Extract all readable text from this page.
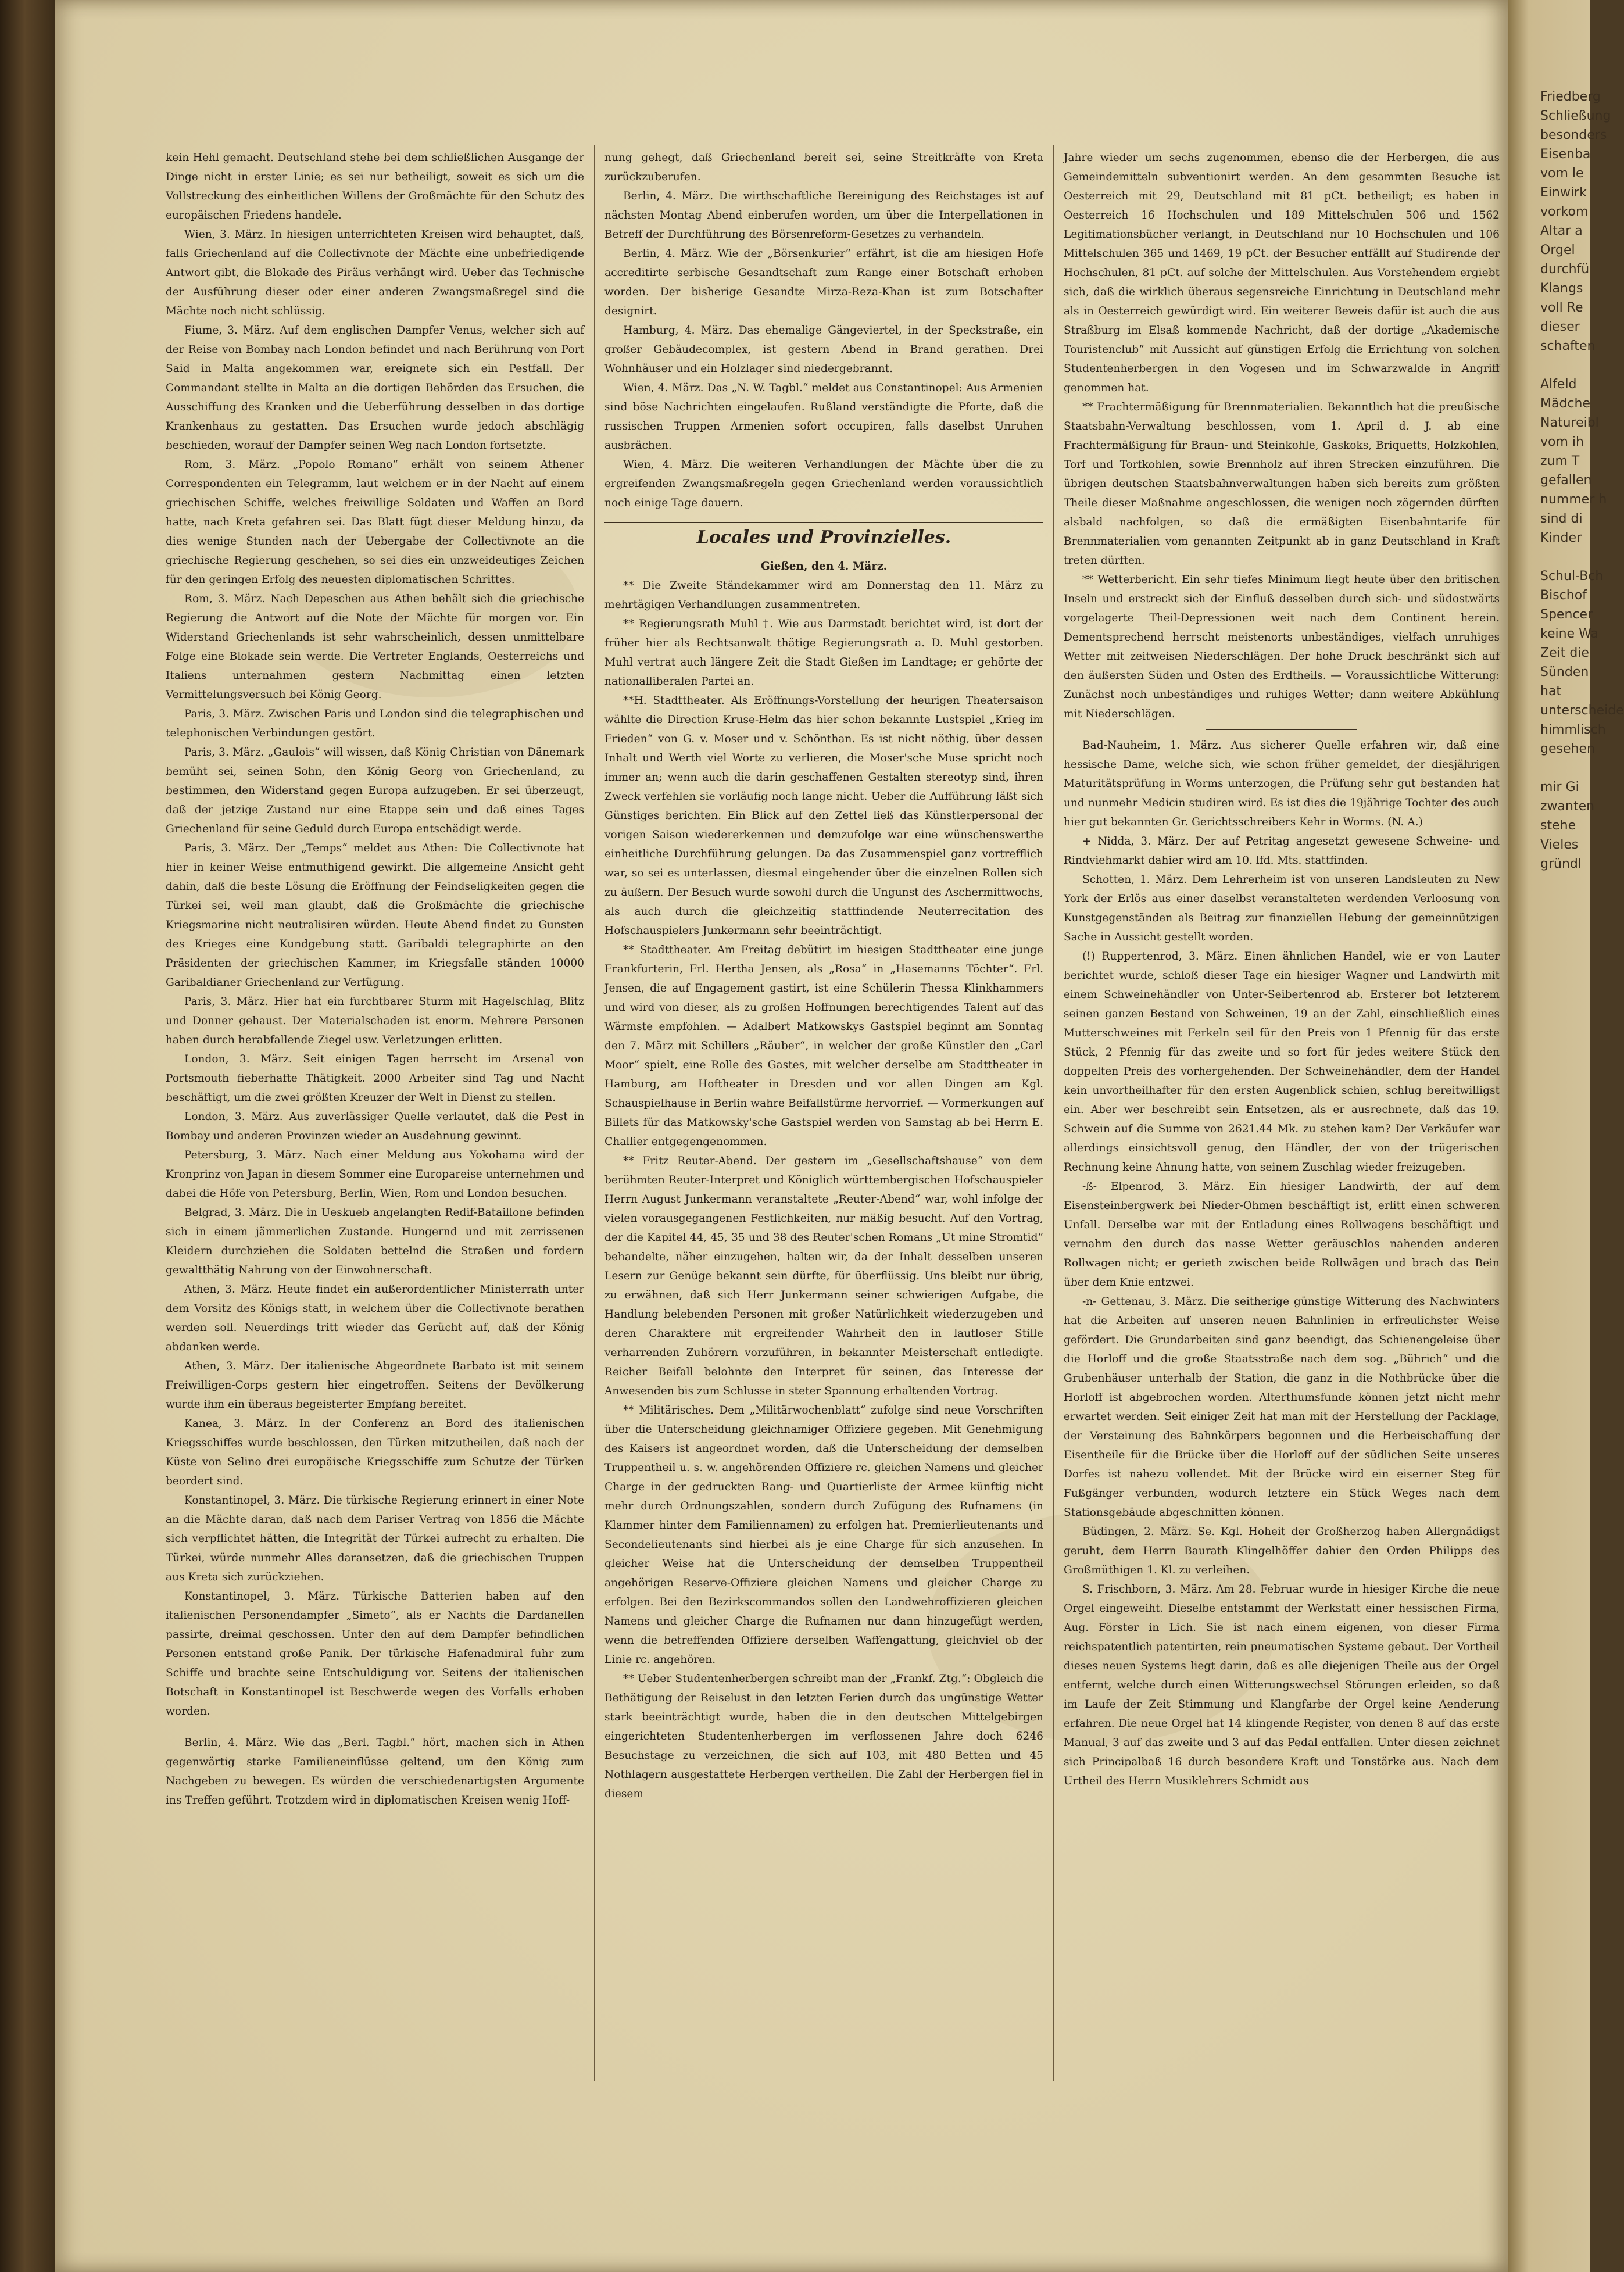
kein Hehl gemacht. Deutschland stehe bei dem schließlichen Ausgange der Dinge nicht in erster Linie; es sei nur betheiligt, soweit es sich um die Vollstreckung des einheitlichen Willens der Großmächte für den Schutz des europäischen Friedens handele.

Wien, 3. März. In hiesigen unterrichteten Kreisen wird behauptet, daß, falls Griechenland auf die Collectivnote der Mächte eine unbefriedigende Antwort gibt, die Blokade des Piräus verhängt wird. Ueber das Technische der Ausführung dieser oder einer anderen Zwangsmaßregel sind die Mächte noch nicht schlüssig.

Fiume, 3. März. Auf dem englischen Dampfer Venus, welcher sich auf der Reise von Bombay nach London befindet und nach Berührung von Port Said in Malta angekommen war, ereignete sich ein Pestfall. Der Commandant stellte in Malta an die dortigen Behörden das Ersuchen, die Ausschiffung des Kranken und die Ueberführung desselben in das dortige Krankenhaus zu gestatten. Das Ersuchen wurde jedoch abschlägig beschieden, worauf der Dampfer seinen Weg nach London fortsetzte.

Rom, 3. März. „Popolo Romano“ erhält von seinem Athener Correspondenten ein Telegramm, laut welchem er in der Nacht auf einem griechischen Schiffe, welches freiwillige Soldaten und Waffen an Bord hatte, nach Kreta gefahren sei. Das Blatt fügt dieser Meldung hinzu, da dies wenige Stunden nach der Uebergabe der Collectivnote an die griechische Regierung geschehen, so sei dies ein unzweideutiges Zeichen für den geringen Erfolg des neuesten diplomatischen Schrittes.

Rom, 3. März. Nach Depeschen aus Athen behält sich die griechische Regierung die Antwort auf die Note der Mächte für morgen vor. Ein Widerstand Griechenlands ist sehr wahrscheinlich, dessen unmittelbare Folge eine Blokade sein werde. Die Vertreter Englands, Oesterreichs und Italiens unternahmen gestern Nachmittag einen letzten Vermittelungsversuch bei König Georg.

Paris, 3. März. Zwischen Paris und London sind die telegraphischen und telephonischen Verbindungen gestört.

Paris, 3. März. „Gaulois“ will wissen, daß König Christian von Dänemark bemüht sei, seinen Sohn, den König Georg von Griechenland, zu bestimmen, den Widerstand gegen Europa aufzugeben. Er sei überzeugt, daß der jetzige Zustand nur eine Etappe sein und daß eines Tages Griechenland für seine Geduld durch Europa entschädigt werde.

Paris, 3. März. Der „Temps“ meldet aus Athen: Die Collectivnote hat hier in keiner Weise entmuthigend gewirkt. Die allgemeine Ansicht geht dahin, daß die beste Lösung die Eröffnung der Feindseligkeiten gegen die Türkei sei, weil man glaubt, daß die Großmächte die griechische Kriegsmarine nicht neutralisiren würden. Heute Abend findet zu Gunsten des Krieges eine Kundgebung statt. Garibaldi telegraphirte an den Präsidenten der griechischen Kammer, im Kriegsfalle ständen 10000 Garibaldianer Griechenland zur Verfügung.

Paris, 3. März. Hier hat ein furchtbarer Sturm mit Hagelschlag, Blitz und Donner gehaust. Der Materialschaden ist enorm. Mehrere Personen haben durch herabfallende Ziegel usw. Verletzungen erlitten.

London, 3. März. Seit einigen Tagen herrscht im Arsenal von Portsmouth fieberhafte Thätigkeit. 2000 Arbeiter sind Tag und Nacht beschäftigt, um die zwei größten Kreuzer der Welt in Dienst zu stellen.

London, 3. März. Aus zuverlässiger Quelle verlautet, daß die Pest in Bombay und anderen Provinzen wieder an Ausdehnung gewinnt.

Petersburg, 3. März. Nach einer Meldung aus Yokohama wird der Kronprinz von Japan in diesem Sommer eine Europareise unternehmen und dabei die Höfe von Petersburg, Berlin, Wien, Rom und London besuchen.

Belgrad, 3. März. Die in Ueskueb angelangten Redif-Bataillone befinden sich in einem jämmerlichen Zustande. Hungernd und mit zerrissenen Kleidern durchziehen die Soldaten bettelnd die Straßen und fordern gewaltthätig Nahrung von der Einwohnerschaft.

Athen, 3. März. Heute findet ein außerordentlicher Ministerrath unter dem Vorsitz des Königs statt, in welchem über die Collectivnote berathen werden soll. Neuerdings tritt wieder das Gerücht auf, daß der König abdanken werde.

Athen, 3. März. Der italienische Abgeordnete Barbato ist mit seinem Freiwilligen-Corps gestern hier eingetroffen. Seitens der Bevölkerung wurde ihm ein überaus begeisterter Empfang bereitet.

Kanea, 3. März. In der Conferenz an Bord des italienischen Kriegsschiffes wurde beschlossen, den Türken mitzutheilen, daß nach der Küste von Selino drei europäische Kriegsschiffe zum Schutze der Türken beordert sind.

Konstantinopel, 3. März. Die türkische Regierung erinnert in einer Note an die Mächte daran, daß nach dem Pariser Vertrag von 1856 die Mächte sich verpflichtet hätten, die Integrität der Türkei aufrecht zu erhalten. Die Türkei, würde nunmehr Alles daransetzen, daß die griechischen Truppen aus Kreta sich zurückziehen.

Konstantinopel, 3. März. Türkische Batterien haben auf den italienischen Personendampfer „Simeto“, als er Nachts die Dardanellen passirte, dreimal geschossen. Unter den auf dem Dampfer befindlichen Personen entstand große Panik. Der türkische Hafenadmiral fuhr zum Schiffe und brachte seine Entschuldigung vor. Seitens der italienischen Botschaft in Konstantinopel ist Beschwerde wegen des Vorfalls erhoben worden.

Berlin, 4. März. Wie das „Berl. Tagbl.“ hört, machen sich in Athen gegenwärtig starke Familieneinflüsse geltend, um den König zum Nachgeben zu bewegen. Es würden die verschiedenartigsten Argumente ins Treffen geführt. Trotzdem wird in diplomatischen Kreisen wenig Hoff-

nung gehegt, daß Griechenland bereit sei, seine Streitkräfte von Kreta zurückzuberufen.

Berlin, 4. März. Die wirthschaftliche Bereinigung des Reichstages ist auf nächsten Montag Abend einberufen worden, um über die Interpellationen in Betreff der Durchführung des Börsenreform-Gesetzes zu verhandeln.

Berlin, 4. März. Wie der „Börsenkurier“ erfährt, ist die am hiesigen Hofe accreditirte serbische Gesandtschaft zum Range einer Botschaft erhoben worden. Der bisherige Gesandte Mirza-Reza-Khan ist zum Botschafter designirt.

Hamburg, 4. März. Das ehemalige Gängeviertel, in der Speckstraße, ein großer Gebäudecomplex, ist gestern Abend in Brand gerathen. Drei Wohnhäuser und ein Holzlager sind niedergebrannt.

Wien, 4. März. Das „N. W. Tagbl.“ meldet aus Constantinopel: Aus Armenien sind böse Nachrichten eingelaufen. Rußland verständigte die Pforte, daß die russischen Truppen Armenien sofort occupiren, falls daselbst Unruhen ausbrächen.

Wien, 4. März. Die weiteren Verhandlungen der Mächte über die zu ergreifenden Zwangsmaßregeln gegen Griechenland werden voraussichtlich noch einige Tage dauern.

Locales und Provinzielles.

Gießen, den 4. März.

** Die Zweite Ständekammer wird am Donnerstag den 11. März zu mehrtägigen Verhandlungen zusammentreten.

** Regierungsrath Muhl †. Wie aus Darmstadt berichtet wird, ist dort der früher hier als Rechtsanwalt thätige Regierungsrath a. D. Muhl gestorben. Muhl vertrat auch längere Zeit die Stadt Gießen im Landtage; er gehörte der nationalliberalen Partei an.

**H. Stadttheater. Als Eröffnungs-Vorstellung der heurigen Theatersaison wählte die Direction Kruse-Helm das hier schon bekannte Lustspiel „Krieg im Frieden“ von G. v. Moser und v. Schönthan. Es ist nicht nöthig, über dessen Inhalt und Werth viel Worte zu verlieren, die Moser'sche Muse spricht noch immer an; wenn auch die darin geschaffenen Gestalten stereotyp sind, ihren Zweck verfehlen sie vorläufig noch lange nicht. Ueber die Aufführung läßt sich Günstiges berichten. Ein Blick auf den Zettel ließ das Künstlerpersonal der vorigen Saison wiedererkennen und demzufolge war eine wünschenswerthe einheitliche Durchführung gelungen. Da das Zusammenspiel ganz vortrefflich war, so sei es unterlassen, diesmal eingehender über die einzelnen Rollen sich zu äußern. Der Besuch wurde sowohl durch die Ungunst des Aschermittwochs, als auch durch die gleichzeitig stattfindende Neuterrecitation des Hofschauspielers Junkermann sehr beeinträchtigt.

** Stadttheater. Am Freitag debütirt im hiesigen Stadttheater eine junge Frankfurterin, Frl. Hertha Jensen, als „Rosa“ in „Hasemanns Töchter“. Frl. Jensen, die auf Engagement gastirt, ist eine Schülerin Thessa Klinkhammers und wird von dieser, als zu großen Hoffnungen berechtigendes Talent auf das Wärmste empfohlen. — Adalbert Matkowskys Gastspiel beginnt am Sonntag den 7. März mit Schillers „Räuber“, in welcher der große Künstler den „Carl Moor“ spielt, eine Rolle des Gastes, mit welcher derselbe am Stadttheater in Hamburg, am Hoftheater in Dresden und vor allen Dingen am Kgl. Schauspielhause in Berlin wahre Beifallstürme hervorrief. — Vormerkungen auf Billets für das Matkowsky'sche Gastspiel werden von Samstag ab bei Herrn E. Challier entgegengenommen.

** Fritz Reuter-Abend. Der gestern im „Gesellschaftshause“ von dem berühmten Reuter-Interpret und Königlich württembergischen Hofschauspieler Herrn August Junkermann veranstaltete „Reuter-Abend“ war, wohl infolge der vielen vorausgegangenen Festlichkeiten, nur mäßig besucht. Auf den Vortrag, der die Kapitel 44, 45, 35 und 38 des Reuter'schen Romans „Ut mine Stromtid“ behandelte, näher einzugehen, halten wir, da der Inhalt desselben unseren Lesern zur Genüge bekannt sein dürfte, für überflüssig. Uns bleibt nur übrig, zu erwähnen, daß sich Herr Junkermann seiner schwierigen Aufgabe, die Handlung belebenden Personen mit großer Natürlichkeit wiederzugeben und deren Charaktere mit ergreifender Wahrheit den in lautloser Stille verharrenden Zuhörern vorzuführen, in bekannter Meisterschaft entledigte. Reicher Beifall belohnte den Interpret für seinen, das Interesse der Anwesenden bis zum Schlusse in steter Spannung erhaltenden Vortrag.

** Militärisches. Dem „Militärwochenblatt“ zufolge sind neue Vorschriften über die Unterscheidung gleichnamiger Offiziere gegeben. Mit Genehmigung des Kaisers ist angeordnet worden, daß die Unterscheidung der demselben Truppentheil u. s. w. angehörenden Offiziere rc. gleichen Namens und gleicher Charge in der gedruckten Rang- und Quartierliste der Armee künftig nicht mehr durch Ordnungszahlen, sondern durch Zufügung des Rufnamens (in Klammer hinter dem Familiennamen) zu erfolgen hat. Premierlieutenants und Secondelieutenants sind hierbei als je eine Charge für sich anzusehen. In gleicher Weise hat die Unterscheidung der demselben Truppentheil angehörigen Reserve-Offiziere gleichen Namens und gleicher Charge zu erfolgen. Bei den Bezirkscommandos sollen den Landwehroffizieren gleichen Namens und gleicher Charge die Rufnamen nur dann hinzugefügt werden, wenn die betreffenden Offiziere derselben Waffengattung, gleichviel ob der Linie rc. angehören.

** Ueber Studentenherbergen schreibt man der „Frankf. Ztg.“: Obgleich die Bethätigung der Reiselust in den letzten Ferien durch das ungünstige Wetter stark beeinträchtigt wurde, haben die in den deutschen Mittelgebirgen eingerichteten Studentenherbergen im verflossenen Jahre doch 6246 Besuchstage zu verzeichnen, die sich auf 103, mit 480 Betten und 45 Nothlagern ausgestattete Herbergen vertheilen. Die Zahl der Herbergen fiel in diesem

Jahre wieder um sechs zugenommen, ebenso die der Herbergen, die aus Gemeindemitteln subventionirt werden. An dem gesammten Besuche ist Oesterreich mit 29, Deutschland mit 81 pCt. betheiligt; es haben in Oesterreich 16 Hochschulen und 189 Mittelschulen 506 und 1562 Legitimationsbücher verlangt, in Deutschland nur 10 Hochschulen und 106 Mittelschulen 365 und 1469, 19 pCt. der Besucher entfällt auf Studirende der Hochschulen, 81 pCt. auf solche der Mittelschulen. Aus Vorstehendem ergiebt sich, daß die wirklich überaus segensreiche Einrichtung in Deutschland mehr als in Oesterreich gewürdigt wird. Ein weiterer Beweis dafür ist auch die aus Straßburg im Elsaß kommende Nachricht, daß der dortige „Akademische Touristenclub“ mit Aussicht auf günstigen Erfolg die Errichtung von solchen Studentenherbergen in den Vogesen und im Schwarzwalde in Angriff genommen hat.

** Frachtermäßigung für Brennmaterialien. Bekanntlich hat die preußische Staatsbahn-Verwaltung beschlossen, vom 1. April d. J. ab eine Frachtermäßigung für Braun- und Steinkohle, Gaskoks, Briquetts, Holzkohlen, Torf und Torfkohlen, sowie Brennholz auf ihren Strecken einzuführen. Die übrigen deutschen Staatsbahnverwaltungen haben sich bereits zum größten Theile dieser Maßnahme angeschlossen, die wenigen noch zögernden dürften alsbald nachfolgen, so daß die ermäßigten Eisenbahntarife für Brennmaterialien vom genannten Zeitpunkt ab in ganz Deutschland in Kraft treten dürften.

** Wetterbericht. Ein sehr tiefes Minimum liegt heute über den britischen Inseln und erstreckt sich der Einfluß desselben durch sich- und südostwärts vorgelagerte Theil-Depressionen weit nach dem Continent herein. Dementsprechend herrscht meistenorts unbeständiges, vielfach unruhiges Wetter mit zeitweisen Niederschlägen. Der hohe Druck beschränkt sich auf den äußersten Süden und Osten des Erdtheils. — Voraussichtliche Witterung: Zunächst noch unbeständiges und ruhiges Wetter; dann weitere Abkühlung mit Niederschlägen.

Bad-Nauheim, 1. März. Aus sicherer Quelle erfahren wir, daß eine hessische Dame, welche sich, wie schon früher gemeldet, der diesjährigen Maturitätsprüfung in Worms unterzogen, die Prüfung sehr gut bestanden hat und nunmehr Medicin studiren wird. Es ist dies die 19jährige Tochter des auch hier gut bekannten Gr. Gerichtsschreibers Kehr in Worms. (N. A.)

+ Nidda, 3. März. Der auf Petritag angesetzt gewesene Schweine- und Rindviehmarkt dahier wird am 10. lfd. Mts. stattfinden.

Schotten, 1. März. Dem Lehrerheim ist von unseren Landsleuten zu New York der Erlös aus einer daselbst veranstalteten werdenden Verloosung von Kunstgegenständen als Beitrag zur finanziellen Hebung der gemeinnützigen Sache in Aussicht gestellt worden.

(!) Ruppertenrod, 3. März. Einen ähnlichen Handel, wie er von Lauter berichtet wurde, schloß dieser Tage ein hiesiger Wagner und Landwirth mit einem Schweinehändler von Unter-Seibertenrod ab. Ersterer bot letzterem seinen ganzen Bestand von Schweinen, 19 an der Zahl, einschließlich eines Mutterschweines mit Ferkeln seil für den Preis von 1 Pfennig für das erste Stück, 2 Pfennig für das zweite und so fort für jedes weitere Stück den doppelten Preis des vorhergehenden. Der Schweinehändler, dem der Handel kein unvortheilhafter für den ersten Augenblick schien, schlug bereitwilligst ein. Aber wer beschreibt sein Entsetzen, als er ausrechnete, daß das 19. Schwein auf die Summe von 2621.44 Mk. zu stehen kam? Der Verkäufer war allerdings einsichtsvoll genug, den Händler, der von der trügerischen Rechnung keine Ahnung hatte, von seinem Zuschlag wieder freizugeben.

-ß- Elpenrod, 3. März. Ein hiesiger Landwirth, der auf dem Eisensteinbergwerk bei Nieder-Ohmen beschäftigt ist, erlitt einen schweren Unfall. Derselbe war mit der Entladung eines Rollwagens beschäftigt und vernahm den durch das nasse Wetter geräuschlos nahenden anderen Rollwagen nicht; er gerieth zwischen beide Rollwägen und brach das Bein über dem Knie entzwei.

-n- Gettenau, 3. März. Die seitherige günstige Witterung des Nachwinters hat die Arbeiten auf unseren neuen Bahnlinien in erfreulichster Weise gefördert. Die Grundarbeiten sind ganz beendigt, das Schienengeleise über die Horloff und die große Staatsstraße nach dem sog. „Bührich“ und die Grubenhäuser unterhalb der Station, die ganz in die Nothbrücke über die Horloff ist abgebrochen worden. Alterthumsfunde können jetzt nicht mehr erwartet werden. Seit einiger Zeit hat man mit der Herstellung der Packlage, der Versteinung des Bahnkörpers begonnen und die Herbeischaffung der Eisentheile für die Brücke über die Horloff auf der südlichen Seite unseres Dorfes ist nahezu vollendet. Mit der Brücke wird ein eiserner Steg für Fußgänger verbunden, wodurch letztere ein Stück Weges nach dem Stationsgebäude abgeschnitten können.

Büdingen, 2. März. Se. Kgl. Hoheit der Großherzog haben Allergnädigst geruht, dem Herrn Baurath Klingelhöffer dahier den Orden Philipps des Großmüthigen 1. Kl. zu verleihen.

S. Frischborn, 3. März. Am 28. Februar wurde in hiesiger Kirche die neue Orgel eingeweiht. Dieselbe entstammt der Werkstatt einer hessischen Firma, Aug. Förster in Lich. Sie ist nach einem eigenen, von dieser Firma reichspatentlich patentirten, rein pneumatischen Systeme gebaut. Der Vortheil dieses neuen Systems liegt darin, daß es alle diejenigen Theile aus der Orgel entfernt, welche durch einen Witterungswechsel Störungen erleiden, so daß im Laufe der Zeit Stimmung und Klangfarbe der Orgel keine Aenderung erfahren. Die neue Orgel hat 14 klingende Register, von denen 8 auf das erste Manual, 3 auf das zweite und 3 auf das Pedal entfallen. Unter diesen zeichnet sich Principalbaß 16 durch besondere Kraft und Tonstärke aus. Nach dem Urtheil des Herrn Musiklehrers Schmidt aus

Friedberg
Schließung
besonders
Eisenba
vom le
Einwirk
vorkom
Altar a
Orgel
durchfü
Klangs
voll Re
dieser
schaften

Alfeld
Mädche
Natureibl
vom ih
zum T
gefallen
nummer h
sind di
Kinder

Schul-Bch
Bischof
Spencer
keine Wa
Zeit die
Sünden
hat
unterscheide
himmlisch
gesehen

mir Gi
zwanten
stehe
Vieles
gründl
